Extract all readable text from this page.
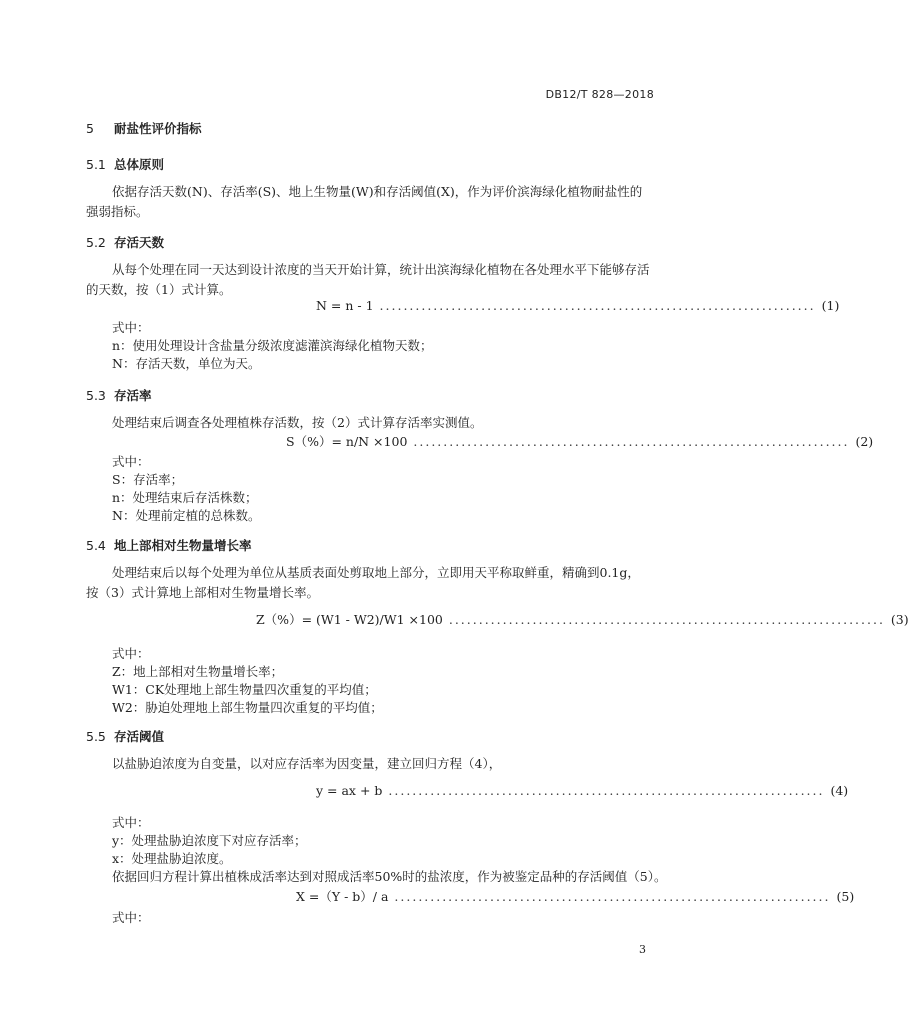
DB12/T 828—2018
5 耐盐性评价指标
5.1 总体原则
依据存活天数(N)、存活率(S)、地上生物量(W)和存活阈值(X)，作为评价滨海绿化植物耐盐性的强弱指标。
5.2 存活天数
从每个处理在同一天达到设计浓度的当天开始计算，统计出滨海绿化植物在各处理水平下能够存活的天数，按（1）式计算。
N = n - 1 ......................................................................... (1)
式中：
n：使用处理设计含盐量分级浓度滤灌滨海绿化植物天数；
N：存活天数，单位为天。
5.3 存活率
处理结束后调查各处理植株存活数，按（2）式计算存活率实测值。
S（%）= n/N ×100 ......................................................................... (2)
式中：
S：存活率；
n：处理结束后存活株数；
N：处理前定植的总株数。
5.4 地上部相对生物量增长率
处理结束后以每个处理为单位从基质表面处剪取地上部分，立即用天平称取鲜重，精确到0.1g，按（3）式计算地上部相对生物量增长率。
Z（%）= (W1 - W2)/W1 ×100 ......................................................................... (3)
式中：
Z：地上部相对生物量增长率；
W1：CK处理地上部生物量四次重复的平均值；
W2：胁迫处理地上部生物量四次重复的平均值；
5.5 存活阈值
以盐胁迫浓度为自变量，以对应存活率为因变量，建立回归方程（4），
y = ax + b ......................................................................... (4)
式中：
y：处理盐胁迫浓度下对应存活率；
x：处理盐胁迫浓度。
依据回归方程计算出植株成活率达到对照成活率50%时的盐浓度，作为被鉴定品种的存活阈值（5）。
X =（Y - b）/ a ......................................................................... (5)
式中：
3
